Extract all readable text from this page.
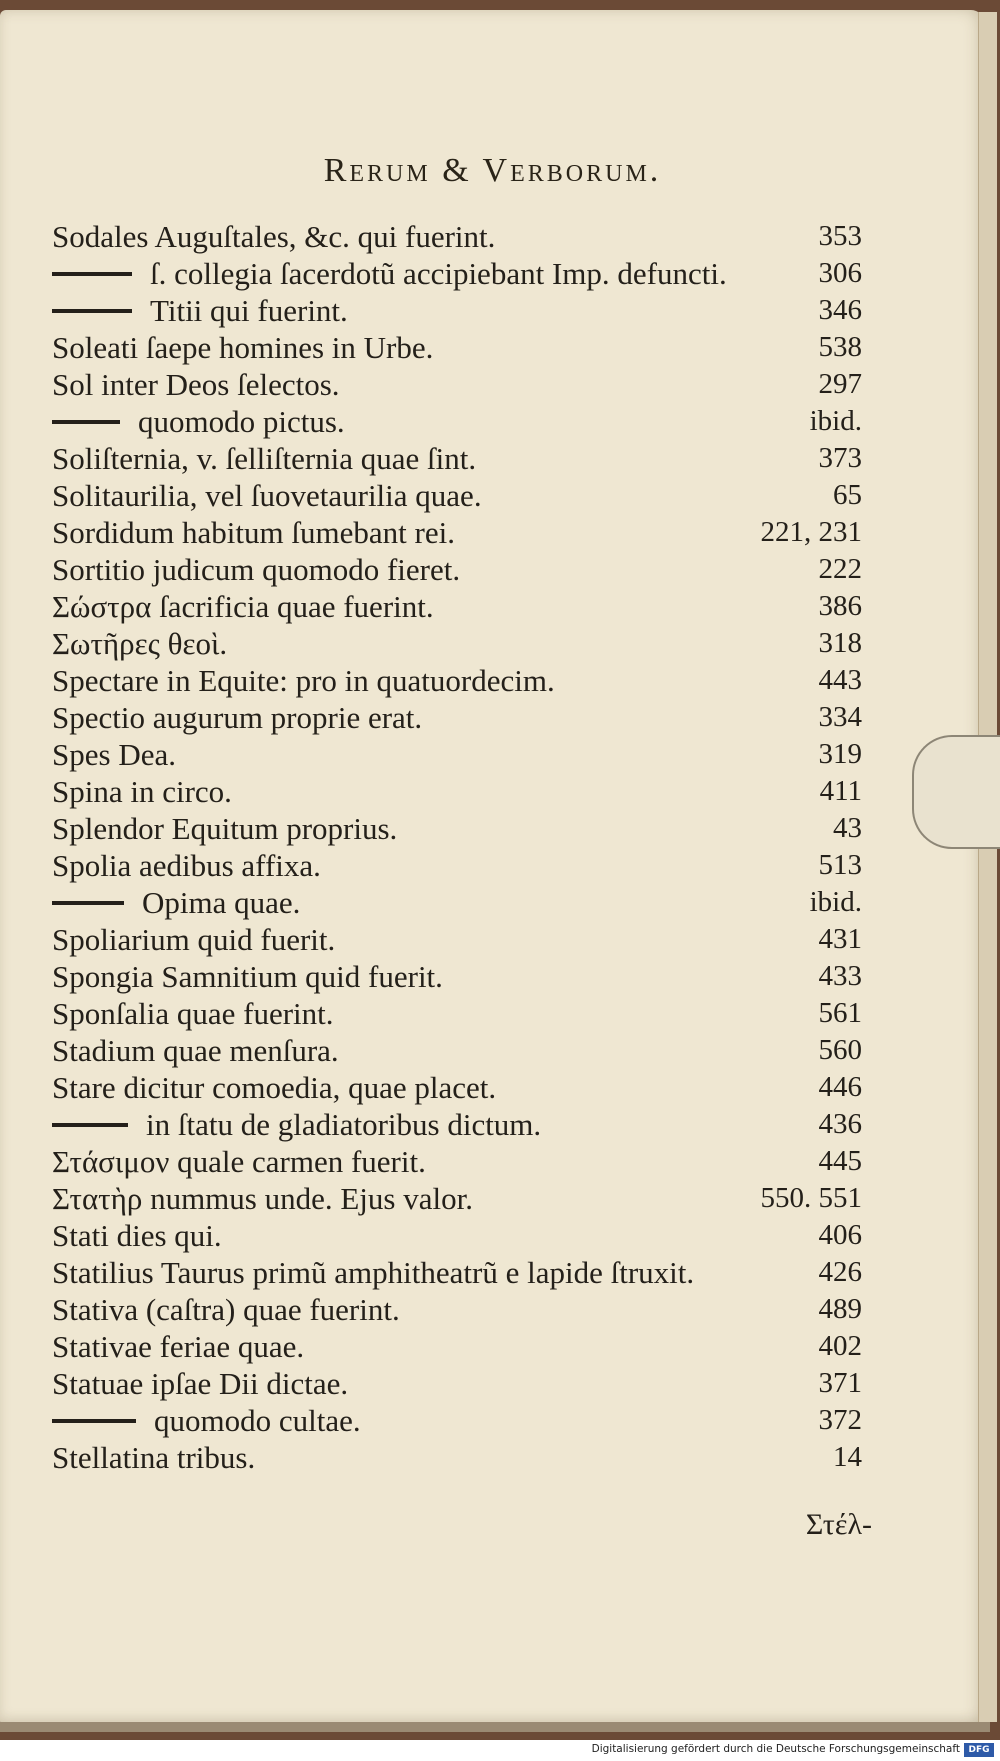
Rerum & Verborum.
Sodales Auguſtales, &c. qui fuerint.	353
ſ. collegia ſacerdotũ accipiebant Imp. defuncti.	306
Titii qui fuerint.	346
Soleati ſaepe homines in Urbe.	538
Sol inter Deos ſelectos.	297
quomodo pictus.	ibid.
Soliſternia, v. ſelliſternia quae ſint.	373
Solitaurilia, vel ſuovetaurilia quae.	65
Sordidum habitum ſumebant rei.	221, 231
Sortitio judicum quomodo fieret.	222
Σώστρα ſacrificia quae fuerint.	386
Σωτῆρες θεοὶ.	318
Spectare in Equite: pro in quatuordecim.	443
Spectio augurum proprie erat.	334
Spes Dea.	319
Spina in circo.	411
Splendor Equitum proprius.	43
Spolia aedibus affixa.	513
Opima quae.	ibid.
Spoliarium quid fuerit.	431
Spongia Samnitium quid fuerit.	433
Sponſalia quae fuerint.	561
Stadium quae menſura.	560
Stare dicitur comoedia, quae placet.	446
in ſtatu de gladiatoribus dictum.	436
Στάσιμον quale carmen fuerit.	445
Στατὴρ nummus unde. Ejus valor.	550. 551
Stati dies qui.	406
Statilius Taurus primũ amphitheatrũ e lapide ſtruxit.	426
Stativa (caſtra) quae fuerint.	489
Stativae feriae quae.	402
Statuae ipſae Dii dictae.	371
quomodo cultae.	372
Stellatina tribus.	14
Στέλ-
Digitalisierung gefördert durch die Deutsche Forschungsgemeinschaft DFG
